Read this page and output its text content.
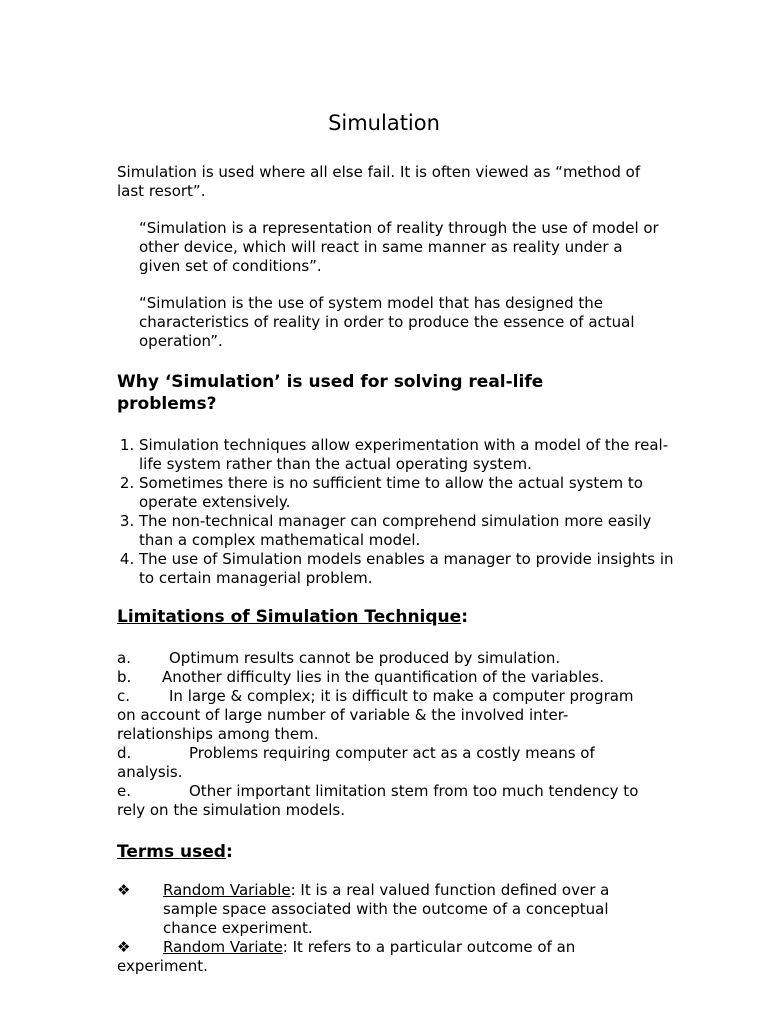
Simulation

Simulation is used where all else fail. It is often viewed as “method of last resort”.

“Simulation is a representation of reality through the use of model or other device, which will react in same manner as reality under a given set of conditions”.

“Simulation is the use of system model that has designed the characteristics of reality in order to produce the essence of actual operation”.

Why ‘Simulation’ is used for solving real-life problems?
1. Simulation techniques allow experimentation with a model of the real-life system rather than the actual operating system.
2. Sometimes there is no sufficient time to allow the actual system to operate extensively.
3. The non-technical manager can comprehend simulation more easily than a complex mathematical model.
4. The use of Simulation models enables a manager to provide insights in to certain managerial problem.
Limitations of Simulation Technique:
a.	Optimum results cannot be produced by simulation.
b. Another difficulty lies in the quantification of the variables.
c.	In large & complex; it is difficult to make a computer program on account of large number of variable & the involved inter-relationships among them.
d.	Problems requiring computer act as a costly means of analysis.
e.	Other important limitation stem from too much tendency to rely on the simulation models.
Terms used:
❖ Random Variable: It is a real valued function defined over a sample space associated with the outcome of a conceptual chance experiment.
❖ Random Variate: It refers to a particular outcome of an
experiment.
